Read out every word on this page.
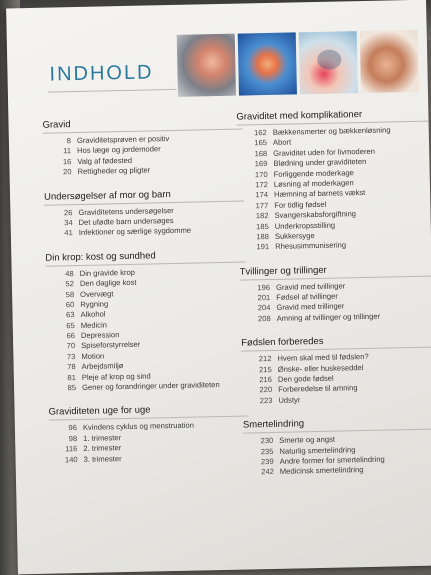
INDHOLD
Gravid
8 Graviditetsprøven er positiv
11 Hos læge og jordemoder
16 Valg af fødested
20 Rettigheder og pligter
Undersøgelser af mor og barn
26 Graviditetens undersøgelser
34 Det ufødte barn undersøges
41 Infektioner og særlige sygdomme
Din krop: kost og sundhed
48 Din gravide krop
52 Den daglige kost
58 Overvægt
60 Rygning
63 Alkohol
65 Medicin
66 Depression
70 Spiseforstyrrelser
73 Motion
78 Arbejdsmiljø
81 Pleje af krop og sind
85 Gener og forandringer under graviditeten
Graviditeten uge for uge
96 Kvindens cyklus og menstruation
98 1. trimester
116 2. trimester
140 3. trimester
Graviditet med komplikationer
162 Bækkensmerter og bækkenløsning
165 Abort
168 Graviditet uden for livmoderen
169 Blødning under graviditeten
170 Forliggende moderkage
172 Løsning af moderkagen
174 Hæmning af barnets vækst
177 For tidlig fødsel
182 Svangerskabsforgiftning
185 Underkropsstilling
188 Sukkersyge
191 Rhesusimmunisering
Tvillinger og trillinger
196 Gravid med tvillinger
201 Fødsel af tvillinger
204 Gravid med trillinger
208 Amning af tvillinger og trillinger
Fødslen forberedes
212 Hvem skal med til fødslen?
215 Ønske- eller huskeseddel
216 Den gode fødsel
220 Forberedelse til amning
223 Udstyr
Smertelindring
230 Smerte og angst
235 Naturlig smertelindring
239 Andre former for smertelindring
242 Medicinsk smertelindring
